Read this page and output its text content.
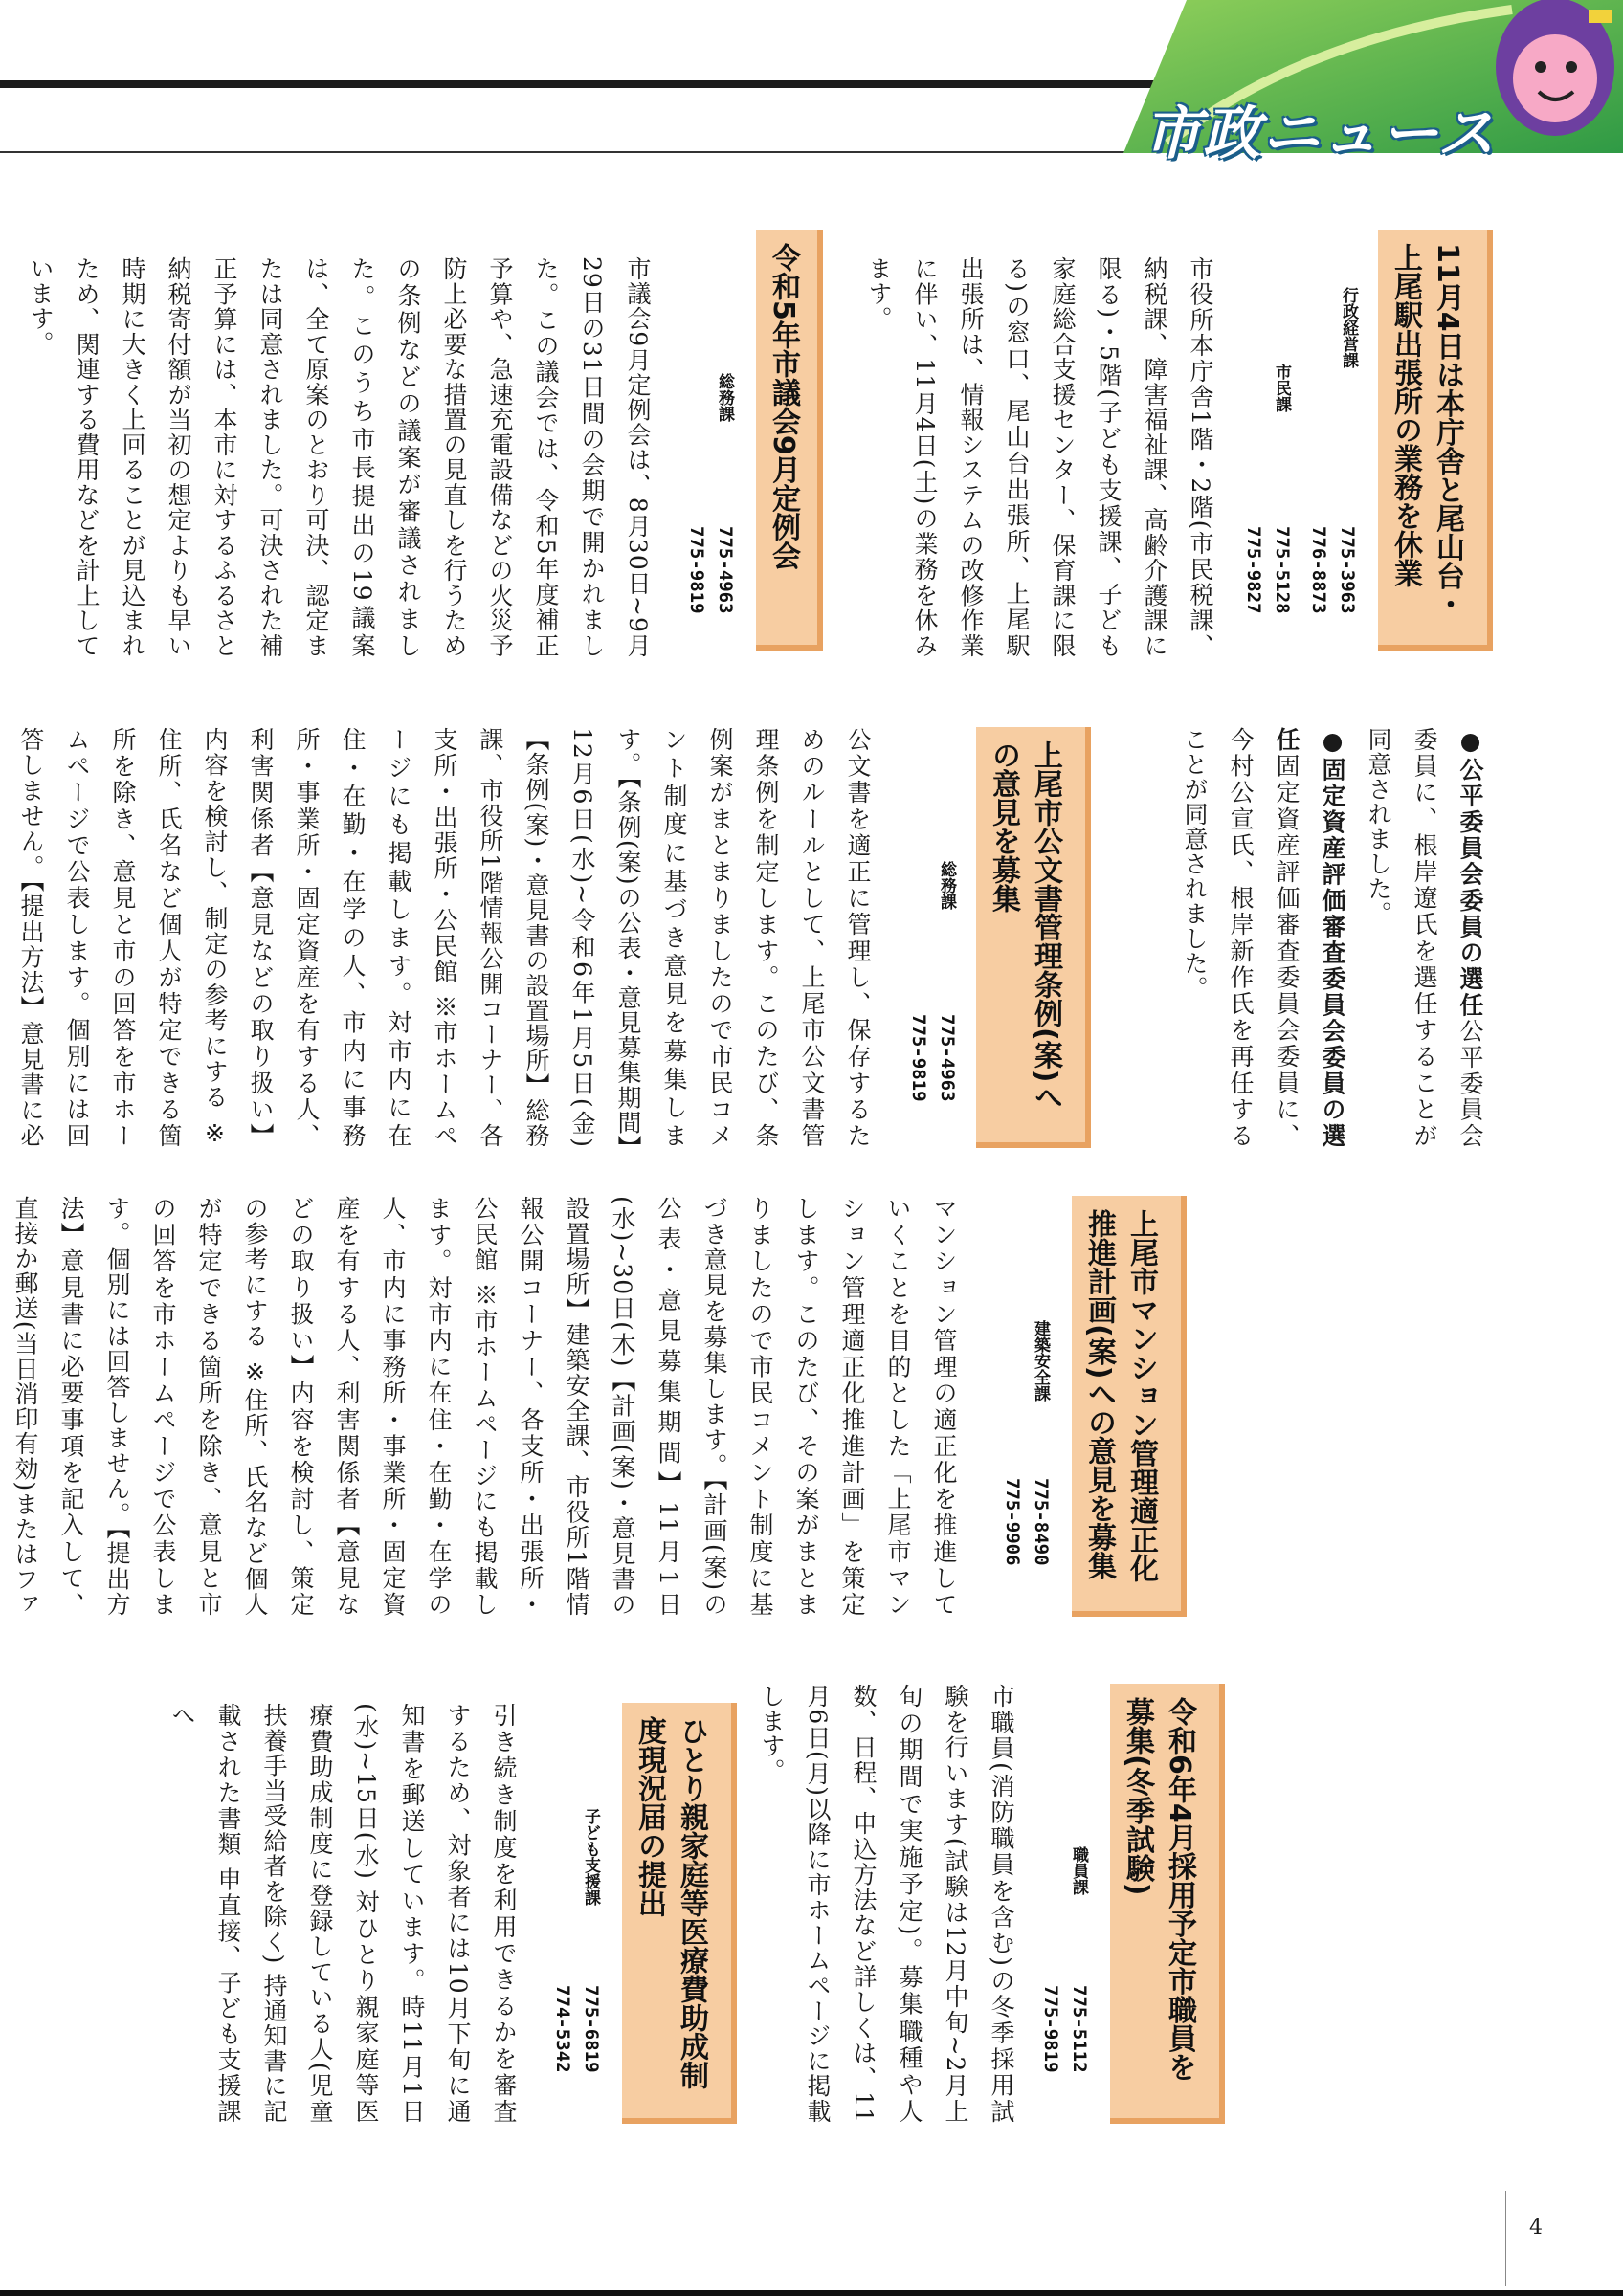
市政ニュース
11月4日は本庁舎と尾山台・上尾駅出張所の業務を休業
行政経営課
775-3963
776-8873
市民課
775-5128
775-9827
市役所本庁舎1階・2階(市民税課、納税課、障害福祉課、高齢介護課に限る)・5階(子ども支援課、子ども家庭総合支援センター、保育課に限る)の窓口、尾山台出張所、上尾駅出張所は、情報システムの改修作業に伴い、11月4日(土)の業務を休みます。
令和5年市議会9月定例会
総務課
775-4963
775-9819
市議会9月定例会は、8月30日~9月29日の31日間の会期で開かれました。この議会では、令和5年度補正予算や、急速充電設備などの火災予防上必要な措置の見直しを行うための条例などの議案が審議されました。このうち市長提出の19議案は、全て原案のとおり可決、認定または同意されました。可決された補正予算には、本市に対するふるさと納税寄付額が当初の想定よりも早い時期に大きく上回ることが見込まれため、関連する費用などを計上しています。
●公平委員会委員の選任公平委員会委員に、根岸遼氏を選任することが同意されました。
●固定資産評価審査委員会委員の選任固定資産評価審査委員会委員に、今村公宣氏、根岸新作氏を再任することが同意されました。
上尾市公文書管理条例(案)への意見を募集
総務課
775-4963
775-9819
公文書を適正に管理し、保存するためのルールとして、上尾市公文書管理条例を制定します。このたび、条例案がまとまりましたので市民コメント制度に基づき意見を募集します。【条例(案)の公表・意見募集期間】12月6日(水)~令和6年1月5日(金)【条例(案)・意見書の設置場所】総務課、市役所1階情報公開コーナー、各支所・出張所・公民館 ※市ホームページにも掲載します。対市内に在住・在勤・在学の人、市内に事務所・事業所・固定資産を有する人、利害関係者【意見などの取り扱い】内容を検討し、制定の参考にする ※住所、氏名など個人が特定できる箇所を除き、意見と市の回答を市ホームページで公表します。個別には回答しません。【提出方法】意見書に必
上尾市マンション管理適正化推進計画(案)への意見を募集
建築安全課
775-8490
775-9906
マンション管理の適正化を推進していくことを目的とした「上尾市マンション管理適正化推進計画」を策定します。このたび、その案がまとまりましたので市民コメント制度に基づき意見を募集します。【計画(案)の公表・意見募集期間】11月1日(水)~30日(木)【計画(案)・意見書の設置場所】建築安全課、市役所1階情報公開コーナー、各支所・出張所・公民館 ※市ホームページにも掲載します。対市内に在住・在勤・在学の人、市内に事務所・事業所・固定資産を有する人、利害関係者【意見などの取り扱い】内容を検討し、策定の参考にする ※住所、氏名など個人が特定できる箇所を除き、意見と市の回答を市ホームページで公表します。個別には回答しません。【提出方法】意見書に必要事項を記入して、直接か郵送(当日消印有効)またはファ
令和6年4月採用予定市職員を募集(冬季試験)
職員課
775-5112
775-9819
市職員(消防職員を含む)の冬季採用試験を行います(試験は12月中旬~2月上旬の期間で実施予定)。募集職種や人数、日程、申込方法など詳しくは、11月6日(月)以降に市ホームページに掲載します。
ひとり親家庭等医療費助成制度現況届の提出
子ども支援課
775-6819
774-5342
引き続き制度を利用できるかを審査するため、対象者には10月下旬に通知書を郵送しています。時11月1日(水)~15日(水) 対ひとり親家庭等医療費助成制度に登録している人(児童扶養手当受給者を除く) 持通知書に記載された書類 申直接、子ども支援課へ
4
